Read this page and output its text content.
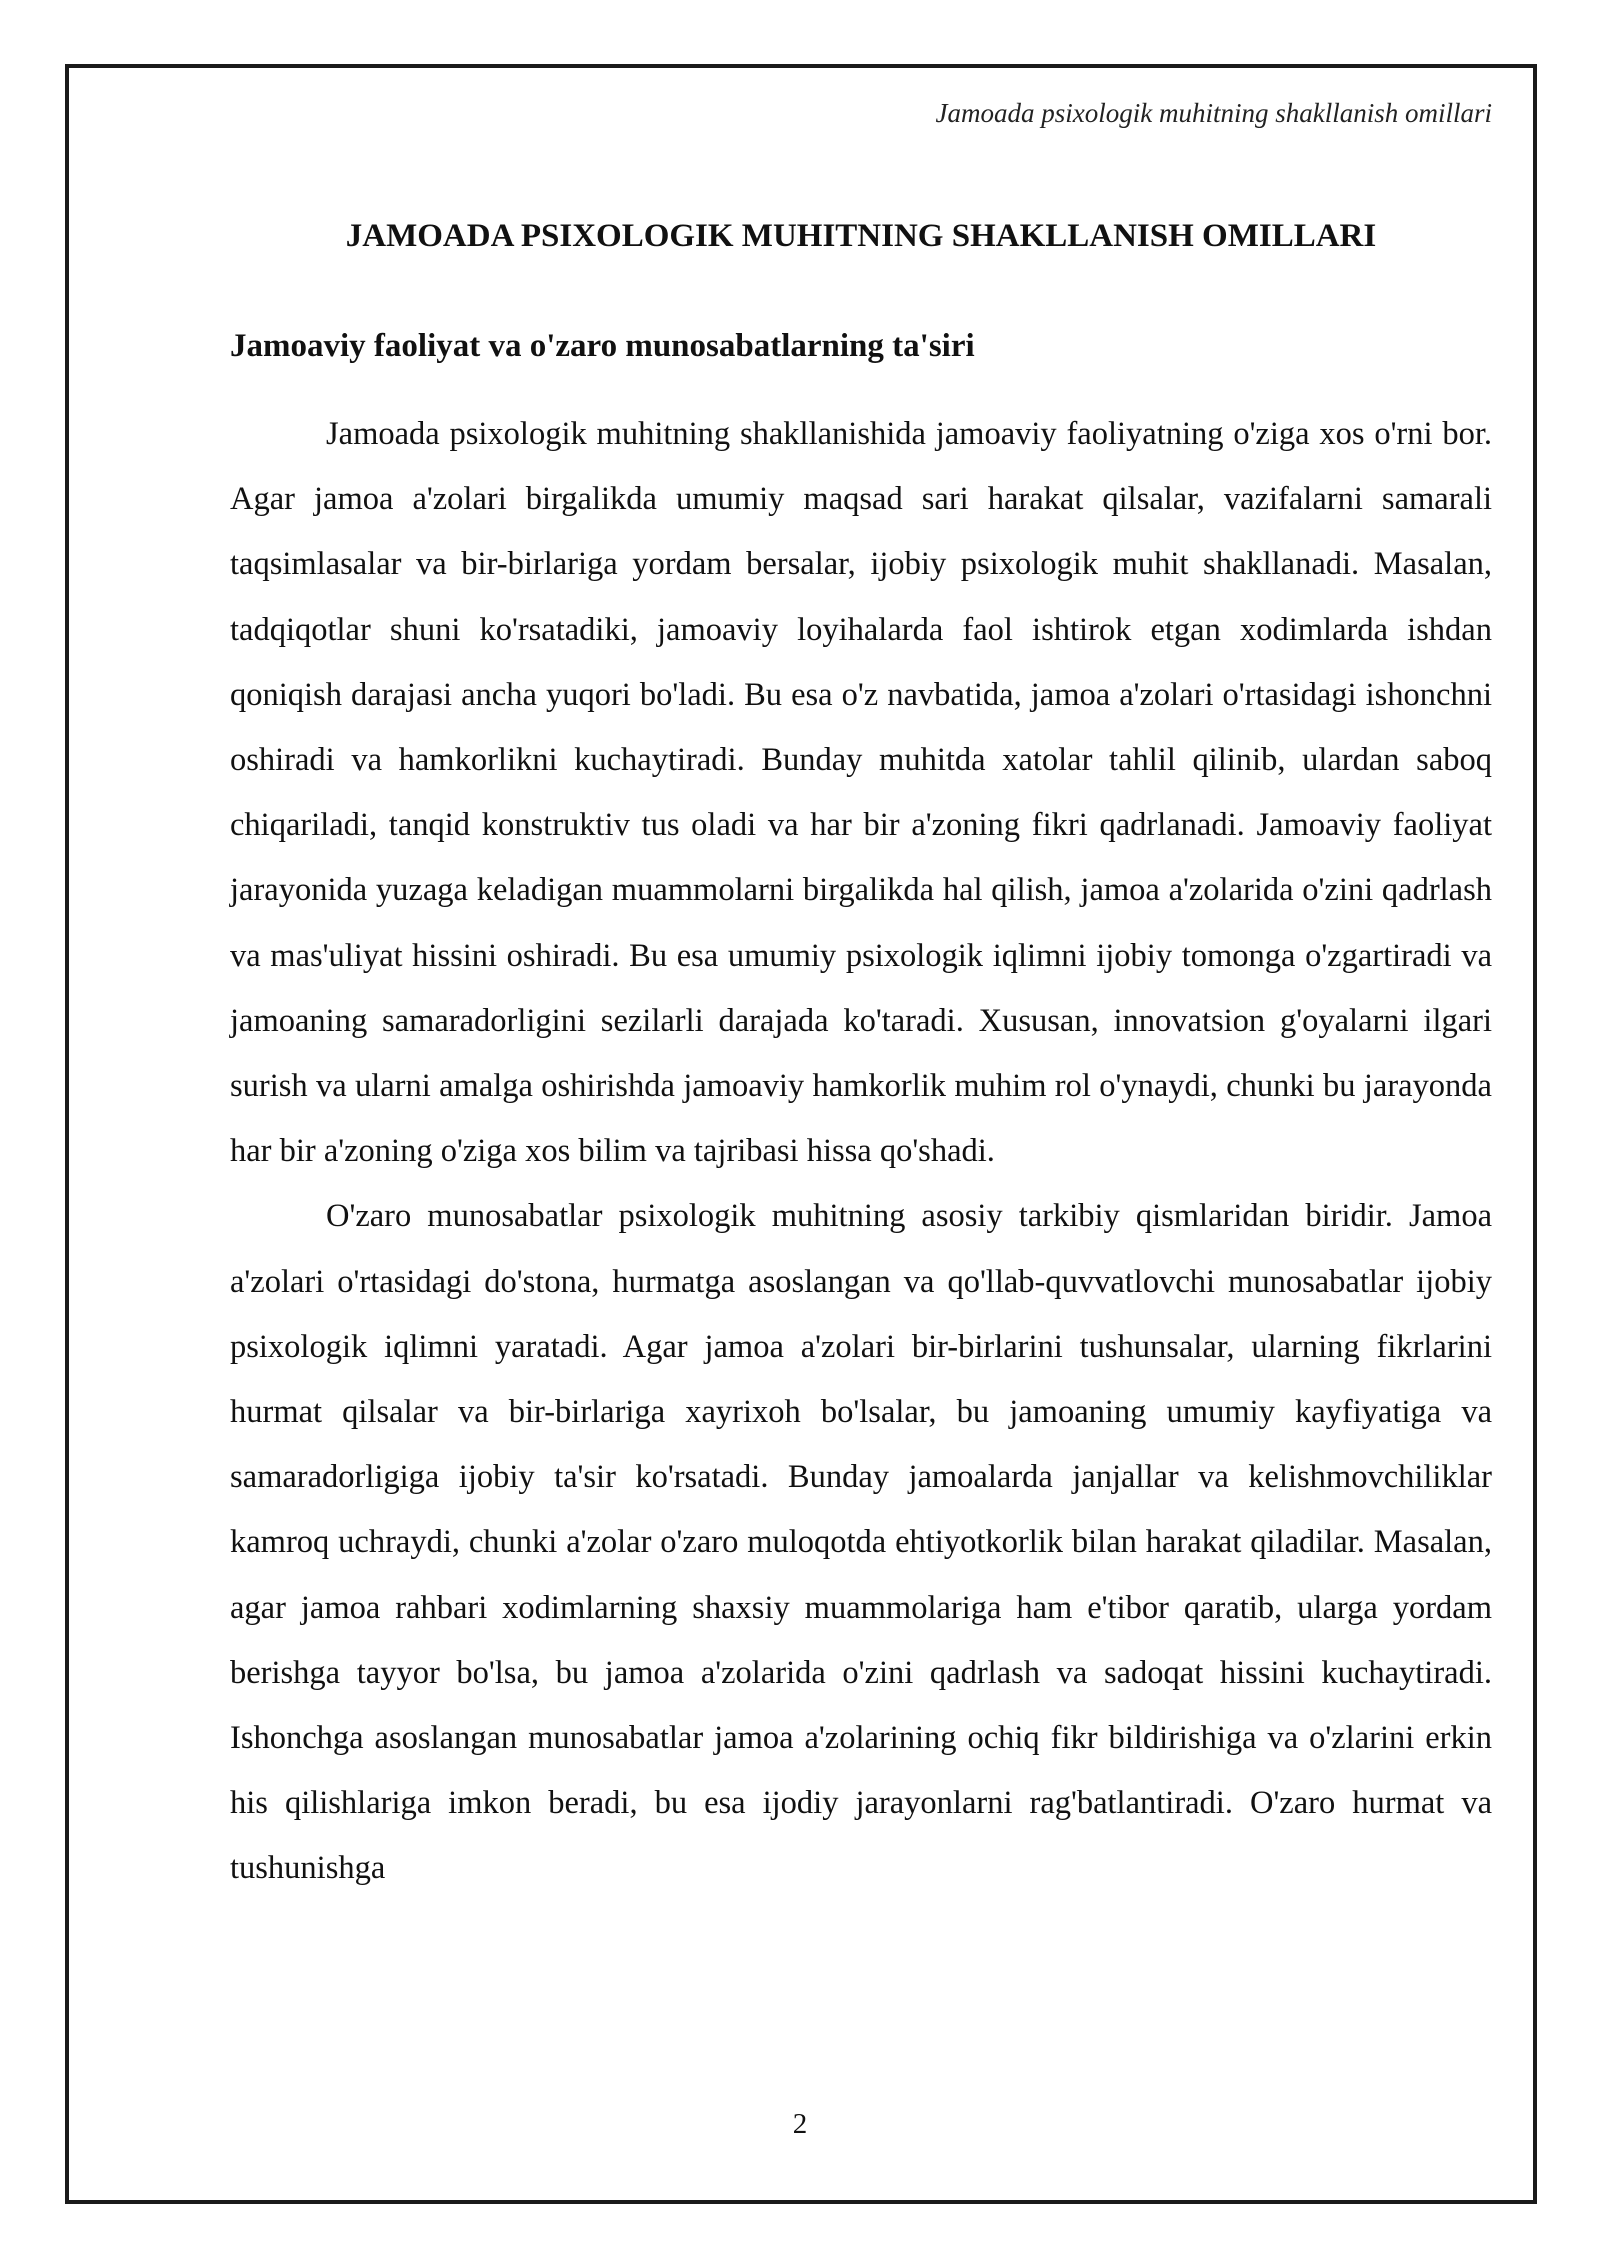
Jamoada psixologik muhitning shakllanish omillari
JAMOADA PSIXOLOGIK MUHITNING SHAKLLANISH OMILLARI
Jamoaviy faoliyat va o'zaro munosabatlarning ta'siri

Jamoada psixologik muhitning shakllanishida jamoaviy faoliyatning o'ziga xos o'rni bor. Agar jamoa a'zolari birgalikda umumiy maqsad sari harakat qilsalar, vazifalarni samarali taqsimlasalar va bir-birlariga yordam bersalar, ijobiy psixologik muhit shakllanadi. Masalan, tadqiqotlar shuni ko'rsatadiki, jamoaviy loyihalarda faol ishtirok etgan xodimlarda ishdan qoniqish darajasi ancha yuqori bo'ladi. Bu esa o'z navbatida, jamoa a'zolari o'rtasidagi ishonchni oshiradi va hamkorlikni kuchaytiradi. Bunday muhitda xatolar tahlil qilinib, ulardan saboq chiqariladi, tanqid konstruktiv tus oladi va har bir a'zoning fikri qadrlanadi. Jamoaviy faoliyat jarayonida yuzaga keladigan muammolarni birgalikda hal qilish, jamoa a'zolarida o'zini qadrlash va mas'uliyat hissini oshiradi. Bu esa umumiy psixologik iqlimni ijobiy tomonga o'zgartiradi va jamoaning samaradorligini sezilarli darajada ko'taradi. Xususan, innovatsion g'oyalarni ilgari surish va ularni amalga oshirishda jamoaviy hamkorlik muhim rol o'ynaydi, chunki bu jarayonda har bir a'zoning o'ziga xos bilim va tajribasi hissa qo'shadi.

O'zaro munosabatlar psixologik muhitning asosiy tarkibiy qismlaridan biridir. Jamoa a'zolari o'rtasidagi do'stona, hurmatga asoslangan va qo'llab-quvvatlovchi munosabatlar ijobiy psixologik iqlimni yaratadi. Agar jamoa a'zolari bir-birlarini tushunsalar, ularning fikrlarini hurmat qilsalar va bir-birlariga xayrixoh bo'lsalar, bu jamoaning umumiy kayfiyatiga va samaradorligiga ijobiy ta'sir ko'rsatadi. Bunday jamoalarda janjallar va kelishmovchiliklar kamroq uchraydi, chunki a'zolar o'zaro muloqotda ehtiyotkorlik bilan harakat qiladilar. Masalan, agar jamoa rahbari xodimlarning shaxsiy muammolariga ham e'tibor qaratib, ularga yordam berishga tayyor bo'lsa, bu jamoa a'zolarida o'zini qadrlash va sadoqat hissini kuchaytiradi. Ishonchga asoslangan munosabatlar jamoa a'zolarining ochiq fikr bildirishiga va o'zlarini erkin his qilishlariga imkon beradi, bu esa ijodiy jarayonlarni rag'batlantiradi. O'zaro hurmat va tushunishga

2
